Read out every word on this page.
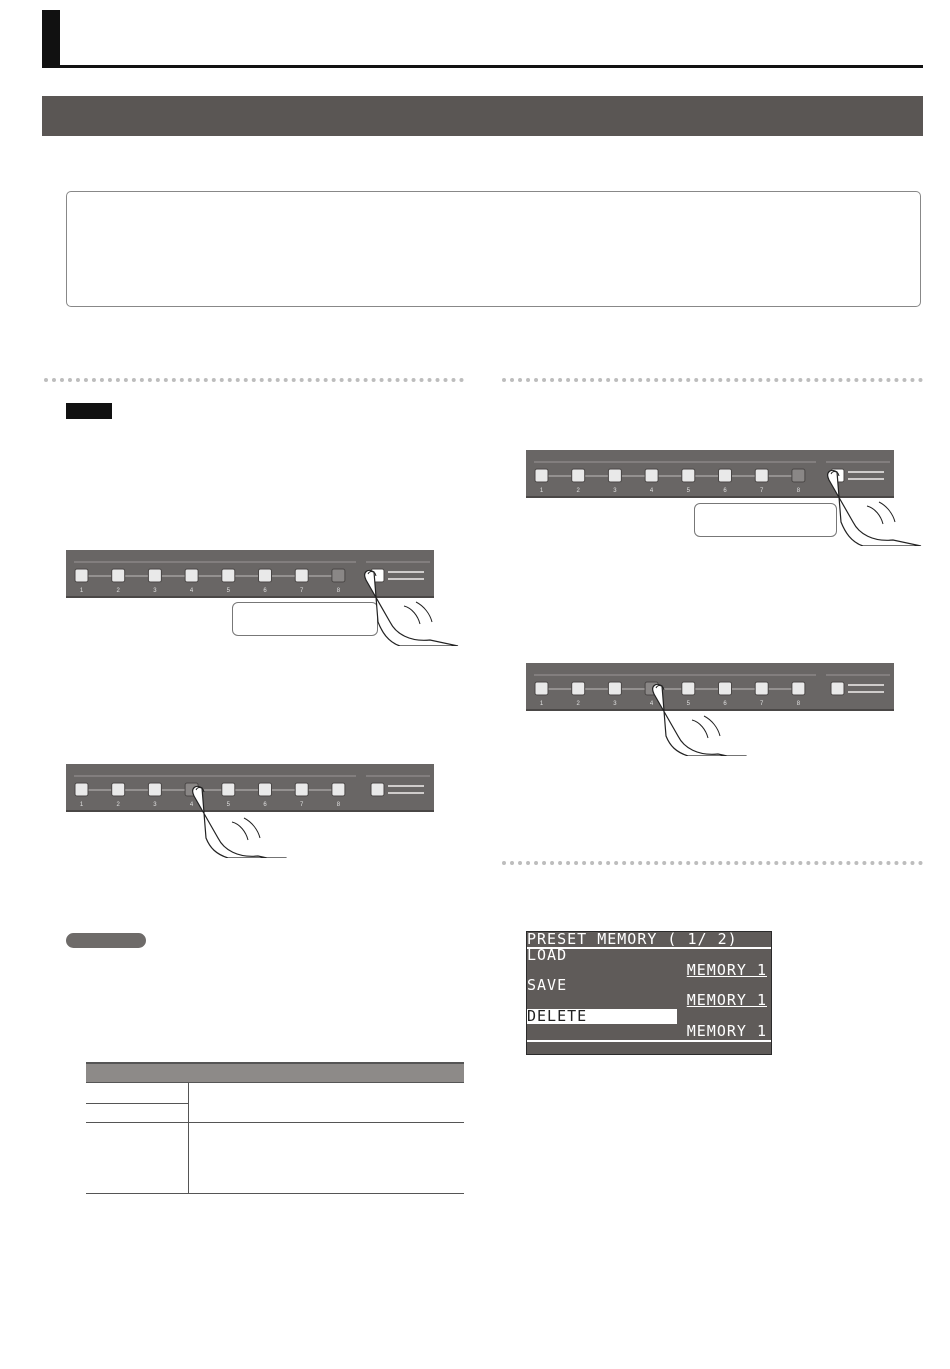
1	2	3	4	5	6	7	8
1	2	3	4	5	6	7	8
1	2	3	4	5	6	7	8
1	2	3	4	5	6	7	8
PRESET MEMORY ( 1/ 2)
LOAD
MEMORY 1
SAVE
MEMORY 1
DELETE
MEMORY 1
